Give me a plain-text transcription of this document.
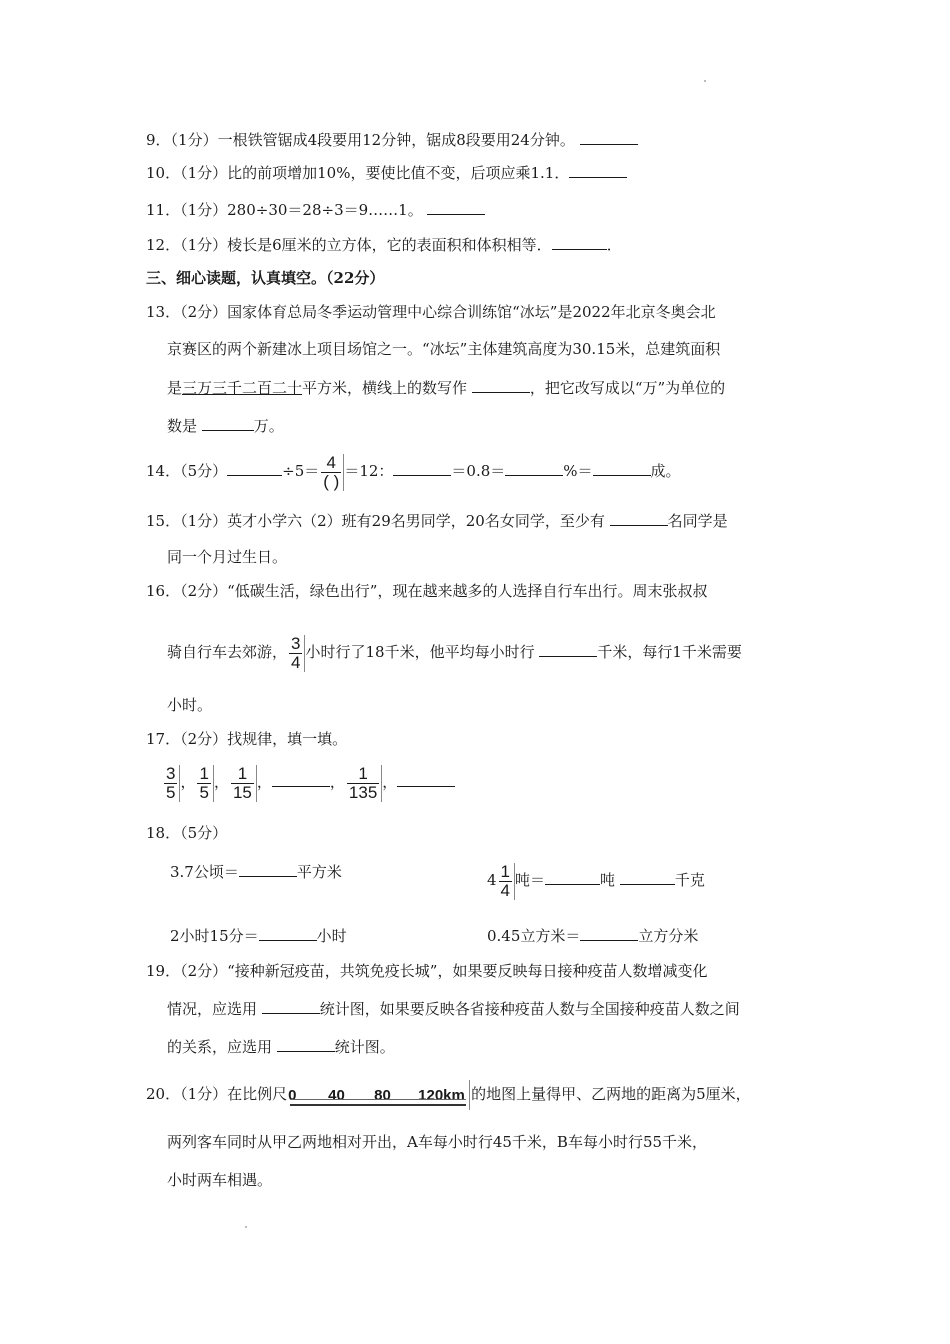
9．（1分）一根铁管锯成4段要用12分钟，锯成8段要用24分钟。
10．（1分）比的前项增加10%，要使比值不变，后项应乘1.1．
11．（1分）280÷30＝28÷3＝9……1。
12．（1分）棱长是6厘米的立方体，它的表面积和体积相等．	．
三、细心读题，认真填空。（22分）
13．（2分）国家体育总局冬季运动管理中心综合训练馆“冰坛”是2022年北京冬奥会北
京赛区的两个新建冰上项目场馆之一。“冰坛”主体建筑高度为30.15米，总建筑面积
是三万三千二百二十平方米，横线上的数写作	，把它改写成以“万”为单位的
数是	万。
14．（5分）	$\div 5= \frac{4}{( )} =12$：	＝0.8＝	%＝	成。
15．（1分）英才小学六（2）班有29名男同学，20名女同学，至少有	名同学是
同一个月过生日。
16．（2分）“低碳生活，绿色出行”，现在越来越多的人选择自行车出行。周末张叔叔
骑自行车去郊游， $\frac{3}{4}$ 小时行了18千米，他平均每小时行	千米，每行1千米需要
小时。
17．（2分）找规律，填一填。
$\frac{3}{5}$ ， $\frac{1}{5}$ ， $\frac{1}{15}$ ，	， $\frac{1}{135}$ ，
18．（5分）
3.7公顷＝	平方米	$4 \frac{1}{4}$ 吨＝	吨	千克
2小时15分＝	小时	0.45立方米＝	立方分米
19．（2分）“接种新冠疫苗，共筑免疫长城”，如果要反映每日接种疫苗人数增减变化
情况，应选用	统计图，如果要反映各省接种疫苗人数与全国接种疫苗人数之间
的关系，应选用	统计图。
20．（1分）在比例尺 0 40 80 120km 的地图上量得甲、乙两地的距离为5厘米，
两列客车同时从甲乙两地相对开出，A车每小时行45千米，B车每小时行55千米，
小时两车相遇。
